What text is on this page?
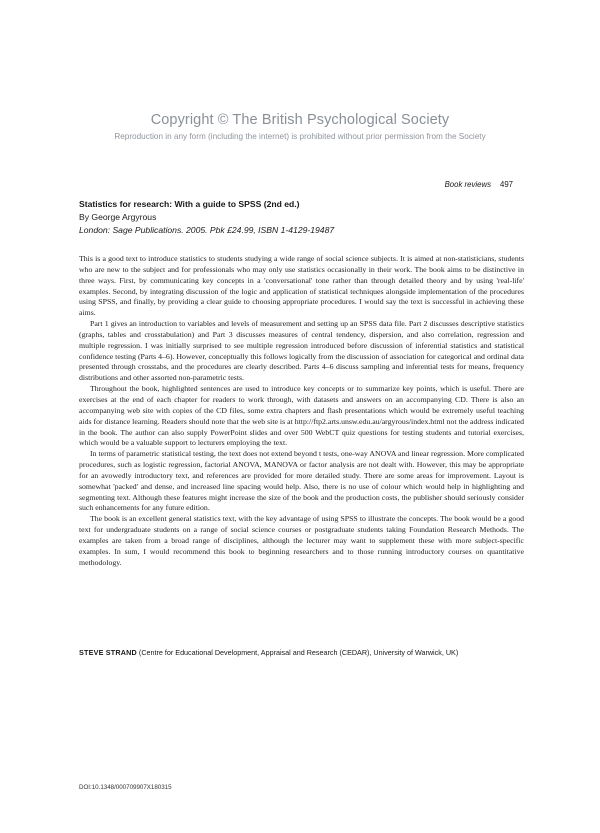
Copyright © The British Psychological Society
Reproduction in any form (including the internet) is prohibited without prior permission from the Society
Book reviews 497
Statistics for research: With a guide to SPSS (2nd ed.)
By George Argyrous
London: Sage Publications. 2005. Pbk £24.99, ISBN 1-4129-19487

This is a good text to introduce statistics to students studying a wide range of social science subjects. It is aimed at non-statisticians, students who are new to the subject and for professionals who may only use statistics occasionally in their work. The book aims to be distinctive in three ways. First, by communicating key concepts in a 'conversational' tone rather than through detailed theory and by using 'real-life' examples. Second, by integrating discussion of the logic and application of statistical techniques alongside implementation of the procedures using SPSS, and finally, by providing a clear guide to choosing appropriate procedures. I would say the text is successful in achieving these aims.

Part 1 gives an introduction to variables and levels of measurement and setting up an SPSS data file. Part 2 discusses descriptive statistics (graphs, tables and crosstabulation) and Part 3 discusses measures of central tendency, dispersion, and also correlation, regression and multiple regression. I was initially surprised to see multiple regression introduced before discussion of inferential statistics and statistical confidence testing (Parts 4–6). However, conceptually this follows logically from the discussion of association for categorical and ordinal data presented through crosstabs, and the procedures are clearly described. Parts 4–6 discuss sampling and inferential tests for means, frequency distributions and other assorted non-parametric tests.

Throughout the book, highlighted sentences are used to introduce key concepts or to summarize key points, which is useful. There are exercises at the end of each chapter for readers to work through, with datasets and answers on an accompanying CD. There is also an accompanying web site with copies of the CD files, some extra chapters and flash presentations which would be extremely useful teaching aids for distance learning. Readers should note that the web site is at http://ftp2.arts.unsw.edu.au/argyrous/index.html not the address indicated in the book. The author can also supply PowerPoint slides and over 500 WebCT quiz questions for testing students and tutorial exercises, which would be a valuable support to lecturers employing the text.

In terms of parametric statistical testing, the text does not extend beyond t tests, one-way ANOVA and linear regression. More complicated procedures, such as logistic regression, factorial ANOVA, MANOVA or factor analysis are not dealt with. However, this may be appropriate for an avowedly introductory text, and references are provided for more detailed study. There are some areas for improvement. Layout is somewhat 'packed' and dense, and increased line spacing would help. Also, there is no use of colour which would help in highlighting and segmenting text. Although these features might increase the size of the book and the production costs, the publisher should seriously consider such enhancements for any future edition.

The book is an excellent general statistics text, with the key advantage of using SPSS to illustrate the concepts. The book would be a good text for undergraduate students on a range of social science courses or postgraduate students taking Foundation Research Methods. The examples are taken from a broad range of disciplines, although the lecturer may want to supplement these with more subject-specific examples. In sum, I would recommend this book to beginning researchers and to those running introductory courses on quantitative methodology.

STEVE STRAND (Centre for Educational Development, Appraisal and Research (CEDAR), University of Warwick, UK)
DOI:10.1348/000709907X180315
